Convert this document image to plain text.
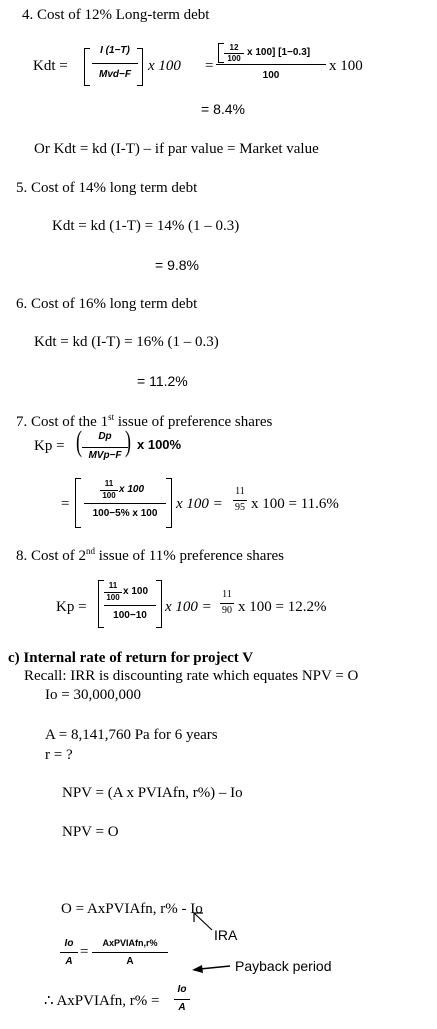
4. Cost of 12% Long-term debt
Kdt =
I (1−T)
Mvd−F
x 100 =
12
100
x 100] [1−0.3]
100
x 100
= 8.4%
Or Kdt = kd (I-T) – if par value = Market value
5. Cost of 14% long term debt
Kdt = kd (1-T) = 14% (1 – 0.3)
= 9.8%
6. Cost of 16% long term debt
Kdt = kd (I-T) = 16% (1 – 0.3)
= 11.2%
7. Cost of the 1st issue of preference shares
Kp = (	Dp
MVp−F ) x 100%
=
11
100
x 100
100−5% x 100
x 100 =
11
95 x 100 = 11.6%
8. Cost of 2nd issue of 11% preference shares
Kp =
11
100
x 100
100−10
x 100 =
11
90 x 100 = 12.2%
c) Internal rate of return for project V
Recall: IRR is discounting rate which equates NPV = O
Io = 30,000,000
A = 8,141,760 Pa for 6 years
r = ?
NPV = (A x PVIAfn, r%) – Io
NPV = O
O = AxPVIAfn, r% - Io
IRA
Io
A
=
AxPVIAfn,r%
A	Payback period
∴ AxPVIAfn, r% =
Io
A
